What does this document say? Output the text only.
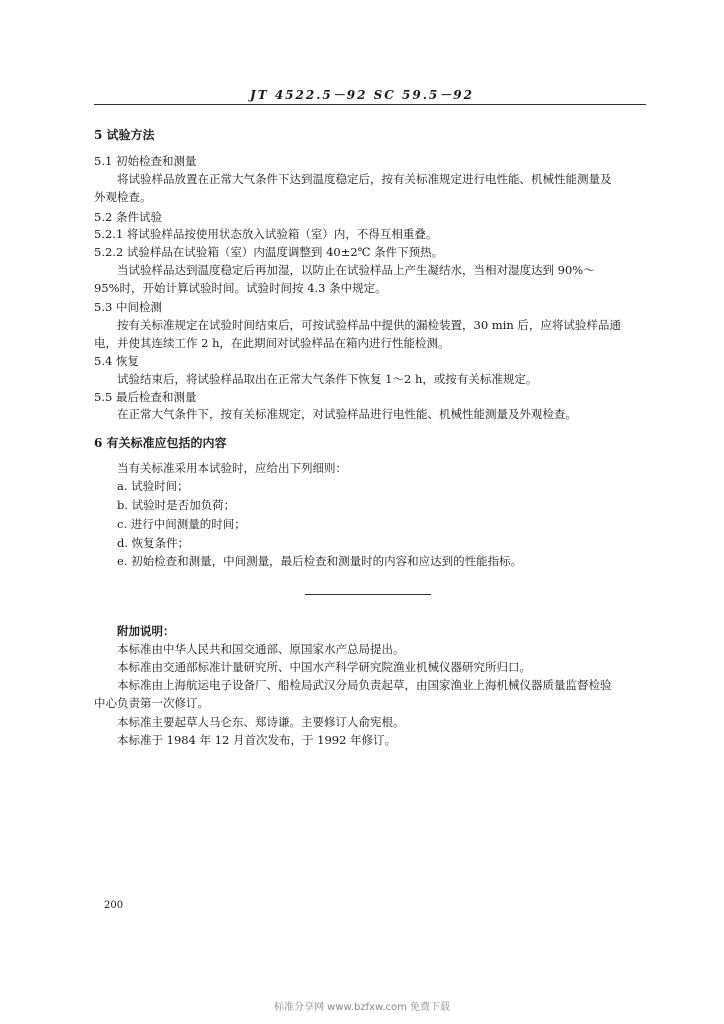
JT 4522.5－92 SC 59.5－92
5 试验方法
5.1 初始检查和测量
将试验样品放置在正常大气条件下达到温度稳定后，按有关标准规定进行电性能、机械性能测量及
外观检查。
5.2 条件试验
5.2.1 将试验样品按使用状态放入试验箱（室）内，不得互相重叠。
5.2.2 试验样品在试验箱（室）内温度调整到 40±2℃ 条件下预热。
当试验样品达到温度稳定后再加湿，以防止在试验样品上产生凝结水，当相对湿度达到 90%～
95%时，开始计算试验时间。试验时间按 4.3 条中规定。
5.3 中间检测
按有关标准规定在试验时间结束后，可按试验样品中提供的漏检装置，30 min 后，应将试验样品通
电，并使其连续工作 2 h，在此期间对试验样品在箱内进行性能检测。
5.4 恢复
试验结束后，将试验样品取出在正常大气条件下恢复 1～2 h，或按有关标准规定。
5.5 最后检查和测量
在正常大气条件下，按有关标准规定，对试验样品进行电性能、机械性能测量及外观检查。
6 有关标准应包括的内容
当有关标准采用本试验时，应给出下列细则：
a. 试验时间；
b. 试验时是否加负荷；
c. 进行中间测量的时间；
d. 恢复条件；
e. 初始检查和测量，中间测量，最后检查和测量时的内容和应达到的性能指标。
附加说明：
本标准由中华人民共和国交通部、原国家水产总局提出。
本标准由交通部标准计量研究所、中国水产科学研究院渔业机械仪器研究所归口。
本标准由上海航运电子设备厂、船检局武汉分局负责起草，由国家渔业上海机械仪器质量监督检验
中心负责第一次修订。
本标准主要起草人马仑东、郑诗谦。主要修订人俞宪根。
本标准于 1984 年 12 月首次发布，于 1992 年修订。
200
标准分享网 www.bzfxw.com 免费下载
